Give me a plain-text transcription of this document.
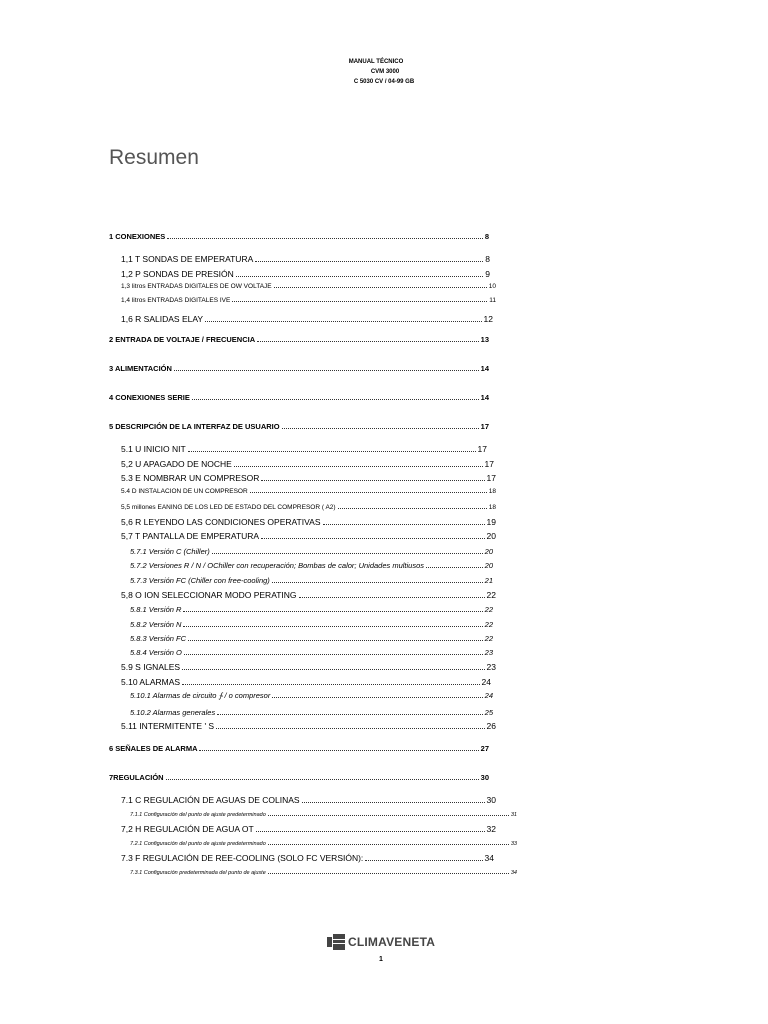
MANUAL TÉCNICO
CVM 3000
C 5030 CV / 04-99 GB
Resumen
1 CONEXIONES	8
1,1 T SONDAS DE EMPERATURA	8
1,2 P SONDAS DE PRESIÓN	9
1,3 litros ENTRADAS DIGITALES DE OW VOLTAJE	10
1,4 litros ENTRADAS DIGITALES IVE	11
1,6 R SALIDAS ELAY	12
2 ENTRADA DE VOLTAJE / FRECUENCIA	13
3 ALIMENTACIÓN	14
4 CONEXIONES SERIE	14
5 DESCRIPCIÓN DE LA INTERFAZ DE USUARIO	17
5.1 U INICIO NIT	17
5,2 U APAGADO DE NOCHE	17
5.3 E NOMBRAR UN COMPRESOR	17
5.4 D INSTALACIÓN DE UN COMPRESOR	18
5,5 millones EANING DE LOS LED DE ESTADO DEL COMPRESOR ( A2)	18
5,6 R LEYENDO LAS CONDICIONES OPERATIVAS	19
5,7 T PANTALLA DE EMPERATURA	20
5.7.1 Versión C (Chiller)	20
5.7.2 Versiones R / N / OChiller con recuperación; Bombas de calor; Unidades multiusos	20
5.7.3 Versión FC (Chiller con free-cooling)	21
5,8 O ION SELECCIONAR MODO PERATING	22
5.8.1 Versión R	22
5.8.2 Versión N	22
5.8.3 Versión FC	22
5.8.4 Versión O	23
5.9 S IGNALES	23
5.10 ALARMAS	24
5.10.1 Alarmas de circuito ∱ / o compresor	24
5.10.2 Alarmas generales	25
5.11 INTERMITENTE ' S	26
6 SEÑALES DE ALARMA	27
7REGULACIÓN	30
7.1 C REGULACIÓN DE AGUAS DE COLINAS	30
7.1.1 Configuración del punto de ajuste predeterminado	31
7,2 H REGULACIÓN DE AGUA OT	32
7.2.1 Configuración del punto de ajuste predeterminado	33
7.3 F REGULACIÓN DE REE-COOLING (SOLO FC VERSIÓN):	34
7.3.1 Configuración predeterminada del punto de ajuste	34
CLIMAVENETA
1
